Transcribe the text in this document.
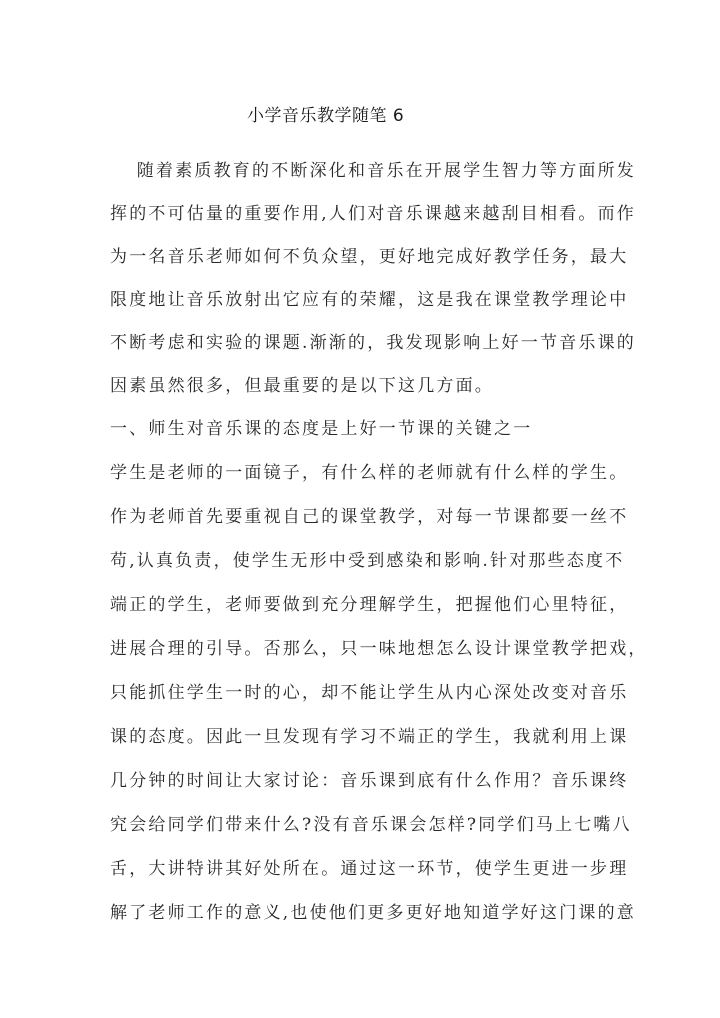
小学音乐教学随笔 6
　 随着素质教育的不断深化和音乐在开展学生智力等方面所发
挥的不可估量的重要作用,人们对音乐课越来越刮目相看。而作
为一名音乐老师如何不负众望，更好地完成好教学任务，最大
限度地让音乐放射出它应有的荣耀，这是我在课堂教学理论中
不断考虑和实验的课题.渐渐的，我发现影响上好一节音乐课的
因素虽然很多，但最重要的是以下这几方面。
一、师生对音乐课的态度是上好一节课的关键之一
学生是老师的一面镜子，有什么样的老师就有什么样的学生。
作为老师首先要重视自己的课堂教学，对每一节课都要一丝不
苟,认真负责，使学生无形中受到感染和影响.针对那些态度不
端正的学生，老师要做到充分理解学生，把握他们心里特征，
进展合理的引导。否那么，只一味地想怎么设计课堂教学把戏，
只能抓住学生一时的心，却不能让学生从内心深处改变对音乐
课的态度。因此一旦发现有学习不端正的学生，我就利用上课
几分钟的时间让大家讨论：音乐课到底有什么作用？音乐课终
究会给同学们带来什么?没有音乐课会怎样?同学们马上七嘴八
舌，大讲特讲其好处所在。通过这一环节，使学生更进一步理
解了老师工作的意义,也使他们更多更好地知道学好这门课的意
